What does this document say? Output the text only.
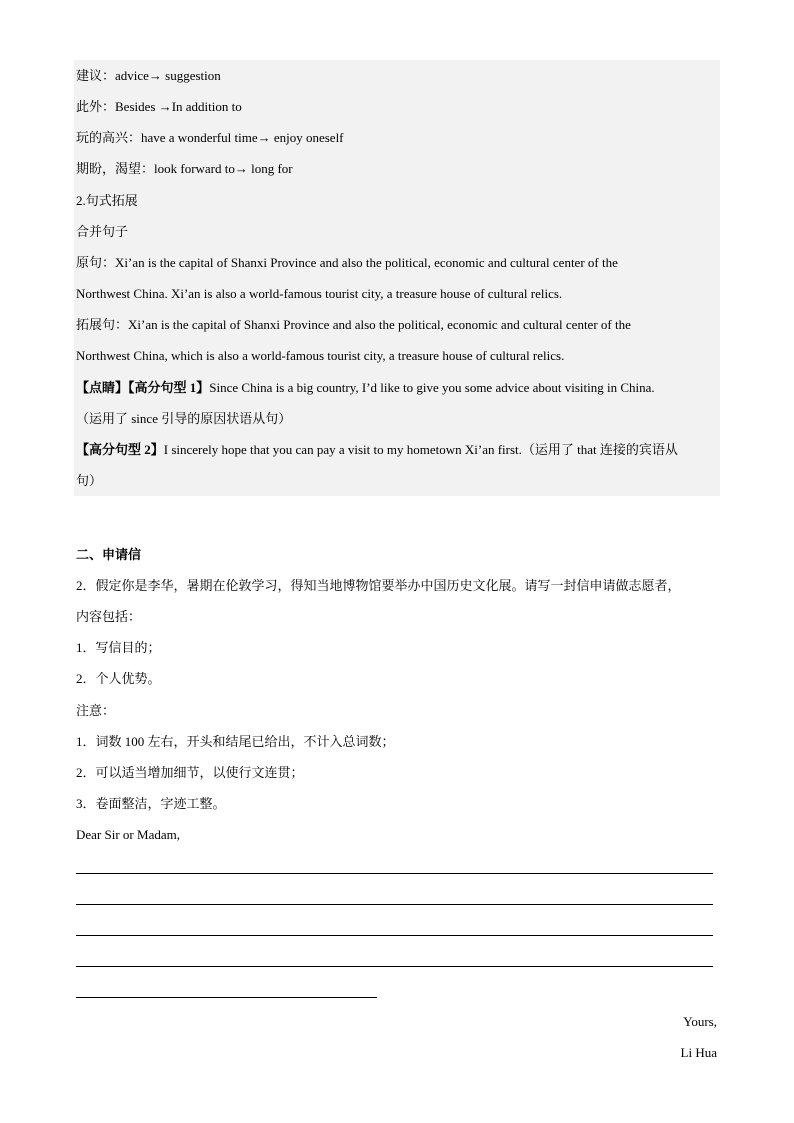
建议：advice→ suggestion
此外：Besides →In addition to
玩的高兴：have a wonderful time→ enjoy oneself
期盼，渴望：look forward to→ long for
2.句式拓展
合并句子
原句：Xi’an is the capital of Shanxi Province and also the political, economic and cultural center of the
Northwest China. Xi’an is also a world-famous tourist city, a treasure house of cultural relics.
拓展句：Xi’an is the capital of Shanxi Province and also the political, economic and cultural center of the
Northwest China, which is also a world-famous tourist city, a treasure house of cultural relics.
【点睛】【高分句型 1】Since China is a big country, I’d like to give you some advice about visiting in China.
（运用了 since 引导的原因状语从句）
【高分句型 2】I sincerely hope that you can pay a visit to my hometown Xi’an first.（运用了 that 连接的宾语从
句）
二、申请信
2．假定你是李华，暑期在伦敦学习，得知当地博物馆要举办中国历史文化展。请写一封信申请做志愿者，
内容包括：
1．写信目的；
2．个人优势。
注意：
1．词数 100 左右，开头和结尾已给出，不计入总词数；
2．可以适当增加细节，以使行文连贯；
3．卷面整洁，字迹工整。
Dear Sir or Madam,
Yours,
Li Hua
